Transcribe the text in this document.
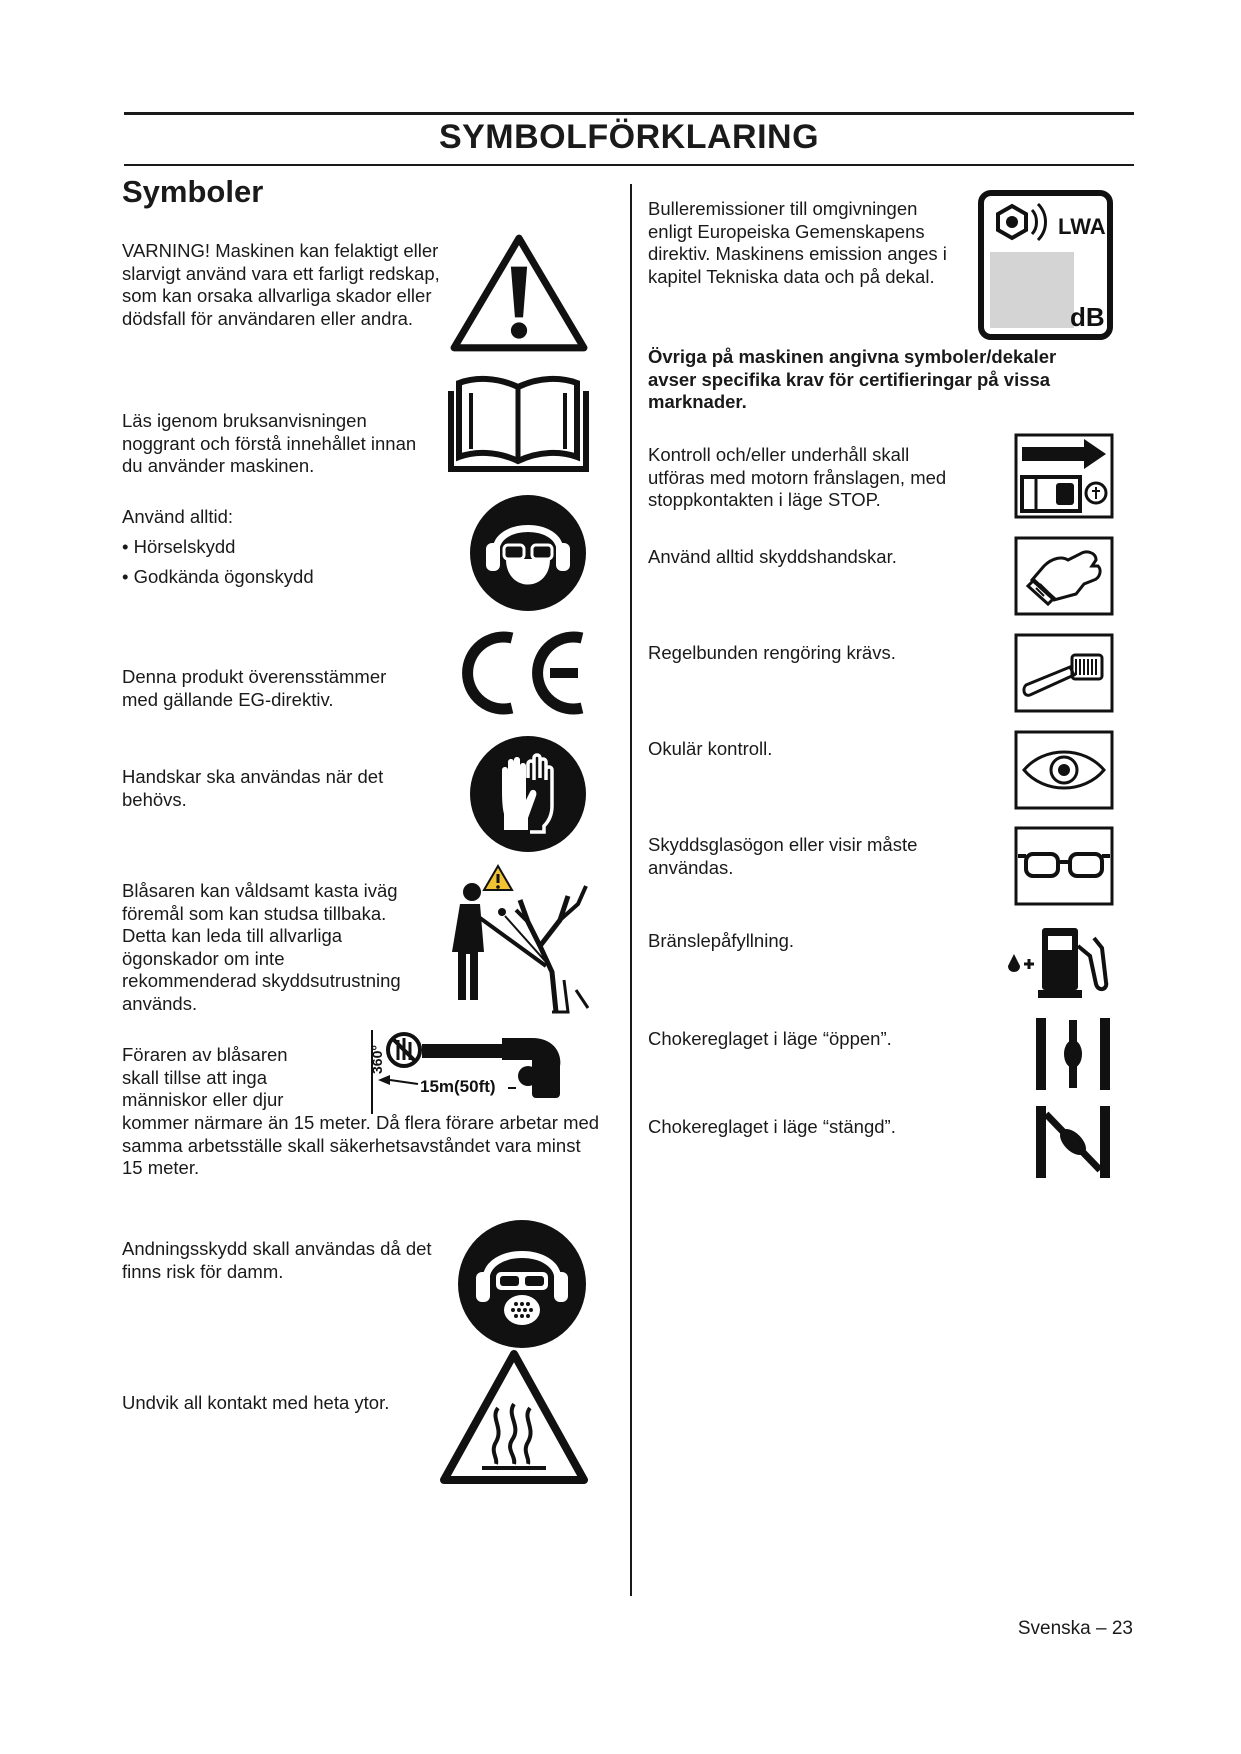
SYMBOLFÖRKLARING
Symboler
VARNING! Maskinen kan felaktigt eller slarvigt använd vara ett farligt redskap, som kan orsaka allvarliga skador eller dödsfall för användaren eller andra.
Läs igenom bruksanvisningen noggrant och förstå innehållet innan du använder maskinen.
Använd alltid:
• Hörselskydd
• Godkända ögonskydd
Denna produkt överensstämmer med gällande EG-direktiv.
Handskar ska användas när det behövs.
Blåsaren kan våldsamt kasta iväg föremål som kan studsa tillbaka. Detta kan leda till allvarliga ögonskador om inte rekommenderad skyddsutrustning används.
Föraren av blåsaren skall tillse att inga människor eller djur
kommer närmare än 15 meter. Då flera förare arbetar med samma arbetsställe skall säkerhetsavståndet vara minst 15 meter.
360°
15m(50ft)
Andningsskydd skall användas då det finns risk för damm.
Undvik all kontakt med heta ytor.
Bulleremissioner till omgivningen enligt Europeiska Gemenskapens direktiv. Maskinens emission anges i kapitel Tekniska data och på dekal.
LWA
dB
Övriga på maskinen angivna symboler/dekaler avser specifika krav för certifieringar på vissa marknader.
Kontroll och/eller underhåll skall utföras med motorn frånslagen, med stoppkontakten i läge STOP.
Använd alltid skyddshandskar.
Regelbunden rengöring krävs.
Okulär kontroll.
Skyddsglasögon eller visir måste användas.
Bränslepåfyllning.
Chokereglaget i läge “öppen”.
Chokereglaget i läge “stängd”.
Svenska – 23
